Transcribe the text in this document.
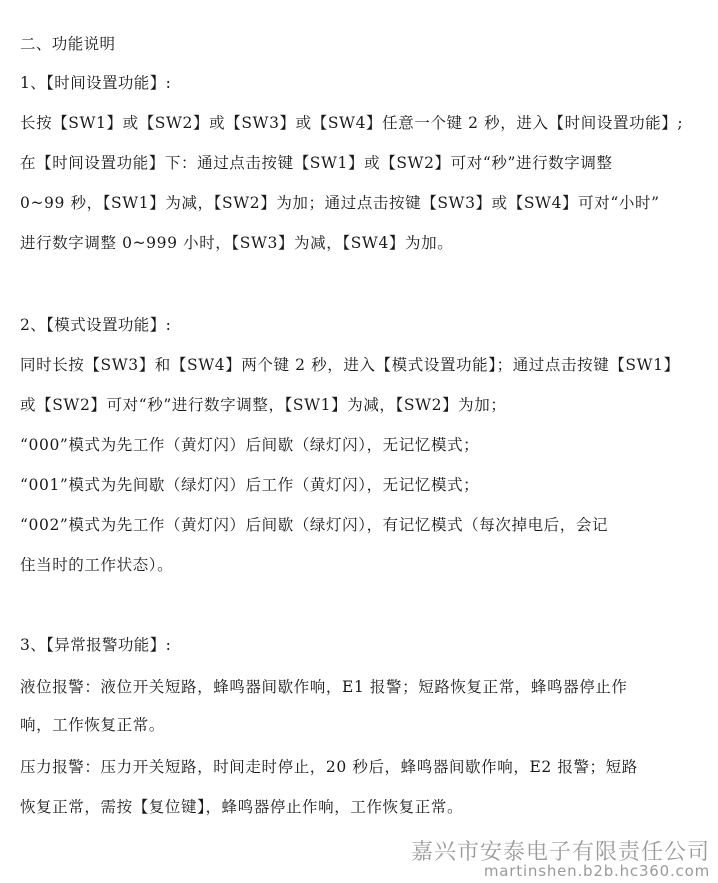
二、功能说明
1、【时间设置功能】:
长按【SW1】或【SW2】或【SW3】或【SW4】任意一个键 2 秒，进入【时间设置功能】;
在【时间设置功能】下：通过点击按键【SW1】或【SW2】可对“秒”进行数字调整
0~99 秒，【SW1】为减，【SW2】为加；通过点击按键【SW3】或【SW4】可对“小时”
进行数字调整 0~999 小时，【SW3】为减，【SW4】为加。
2、【模式设置功能】:
同时长按【SW3】和【SW4】两个键 2 秒，进入【模式设置功能】；通过点击按键【SW1】
或【SW2】可对“秒”进行数字调整，【SW1】为减，【SW2】为加；
“000”模式为先工作（黄灯闪）后间歇（绿灯闪），无记忆模式；
“001”模式为先间歇（绿灯闪）后工作（黄灯闪），无记忆模式；
“002”模式为先工作（黄灯闪）后间歇（绿灯闪），有记忆模式（每次掉电后，会记
住当时的工作状态）。
3、【异常报警功能】:
液位报警：液位开关短路，蜂鸣器间歇作响，E1 报警；短路恢复正常，蜂鸣器停止作
响，工作恢复正常。
压力报警：压力开关短路，时间走时停止，20 秒后，蜂鸣器间歇作响，E2 报警；短路
恢复正常，需按【复位键】，蜂鸣器停止作响，工作恢复正常。
嘉兴市安泰电子有限责任公司
martinshen.b2b.hc360.com
